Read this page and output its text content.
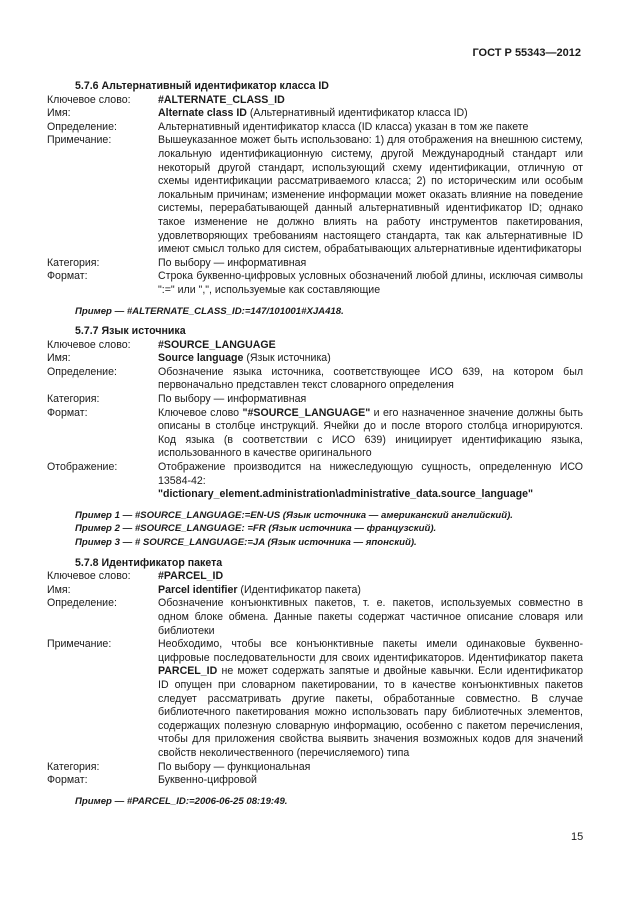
ГОСТ Р 55343—2012
5.7.6 Альтернативный идентификатор класса ID
Ключевое слово:	#ALTERNATE_CLASS_ID
Имя:	Alternate class ID (Альтернативный идентификатор класса ID)
Определение:	Альтернативный идентификатор класса (ID класса) указан в том же пакете
Примечание:	Вышеуказанное может быть использовано: 1) для отображения на внешнюю систему, локальную идентификационную систему, другой Международный стандарт или некоторый другой стандарт, использующий схему идентификации, отличную от схемы идентификации рассматриваемого класса; 2) по историческим или особым локальным причинам; изменение информации может оказать влияние на поведение системы, перерабатывающей данный альтернативный идентификатор ID; однако такое изменение не должно влиять на работу инструментов пакетирования, удовлетворяющих требованиям настоящего стандарта, так как альтернативные ID имеют смысл только для систем, обрабатывающих альтернативные идентификаторы
Категория:	По выбору — информативная
Формат:	Строка буквенно-цифровых условных обозначений любой длины, исключая символы ":=" или ",", используемые как составляющие
Пример — #ALTERNATE_CLASS_ID:=147/101001#XJA418.
5.7.7 Язык источника
Ключевое слово:	#SOURCE_LANGUAGE
Имя:	Source language (Язык источника)
Определение:	Обозначение языка источника, соответствующее ИСО 639, на котором был первоначально представлен текст словарного определения
Категория:	По выбору — информативная
Формат:	Ключевое слово "#SOURCE_LANGUAGE" и его назначенное значение должны быть описаны в столбце инструкций. Ячейки до и после второго столбца игнорируются. Код языка (в соответствии с ИСО 639) инициирует идентификацию языка, использованного в качестве оригинального
Отображение:	Отображение производится на нижеследующую сущность, определенную ИСО 13584-42: "dictionary_element.administration\administrative_data.source_language"
Пример 1 — #SOURCE_LANGUAGE:=EN-US (Язык источника — американский английский).
Пример 2 — #SOURCE_LANGUAGE: =FR (Язык источника — французский).
Пример 3 — # SOURCE_LANGUAGE:=JA (Язык источника — японский).
5.7.8 Идентификатор пакета
Ключевое слово:	#PARCEL_ID
Имя:	Parcel identifier (Идентификатор пакета)
Определение:	Обозначение конъюнктивных пакетов, т. е. пакетов, используемых совместно в одном блоке обмена. Данные пакеты содержат частичное описание словаря или библиотеки
Примечание:	Необходимо, чтобы все конъюнктивные пакеты имели одинаковые буквенно-цифровые последовательности для своих идентификаторов. Идентификатор пакета PARCEL_ID не может содержать запятые и двойные кавычки. Если идентификатор ID опущен при словарном пакетировании, то в качестве конъюнктивных пакетов следует рассматривать другие пакеты, обработанные совместно. В случае библиотечного пакетирования можно использовать пару библиотечных элементов, содержащих полезную словарную информацию, особенно с пакетом перечисления, чтобы для приложения свойства выявить значения возможных кодов для значений свойств неколичественного (перечисляемого) типа
Категория:	По выбору — функциональная
Формат:	Буквенно-цифровой
Пример — #PARCEL_ID:=2006-06-25 08:19:49.
15
